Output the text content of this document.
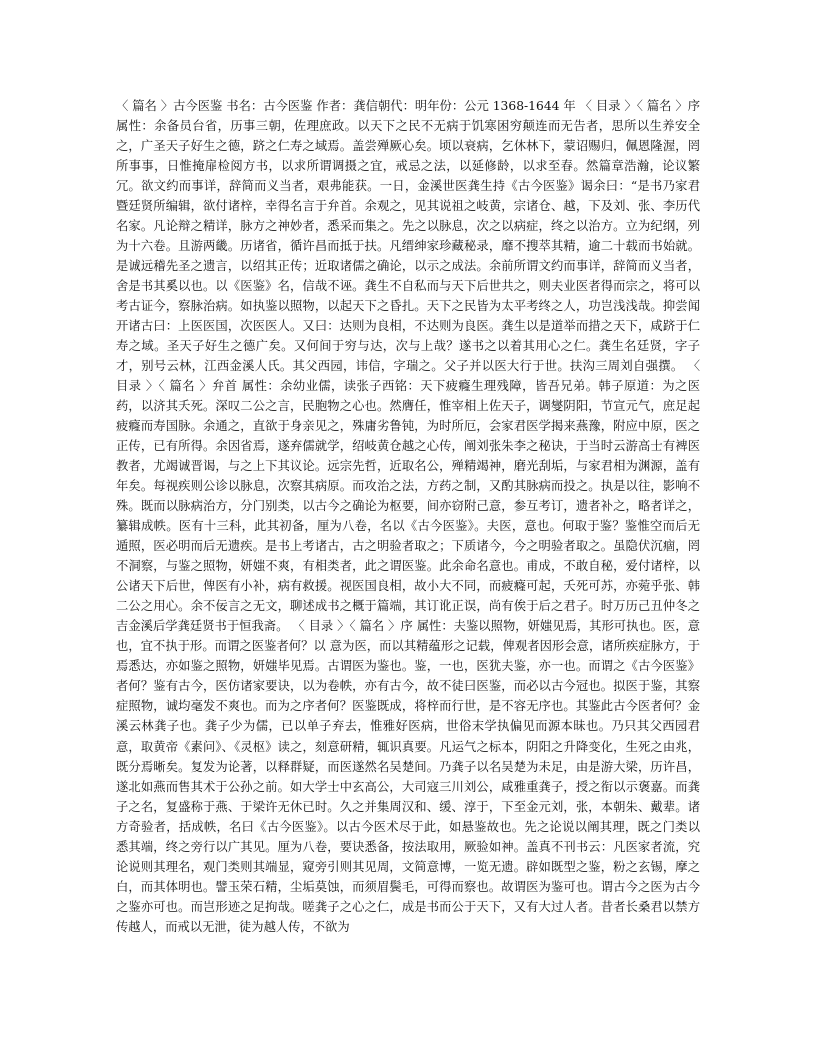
〈 篇名 〉古今医鉴 书名：古今医鉴 作者：龚信朝代：明年份：公元 1368-1644 年 〈 目录 〉〈 篇名 〉序 属性：余备员台省，历事三朝，佐理庶政。以天下之民不无病于饥寒困穷颠连而无告者，思所以生养安全之，广圣天子好生之德，跻之仁寿之域焉。盖尝殚厥心矣。顷以衰病，乞休林下，蒙诏赐归，佩恩隆渥，罔所事事，日惟掩扉检阅方书，以求所谓调摄之宜，戒忌之法，以延修龄，以求至春。然篇章浩瀚，论议繁冗。欲文约而事详，辞简而义当者，艰弗能获。一日，金溪世医龚生持《古今医鉴》谒余曰：“是书乃家君暨廷贤所编辑，欲付诸梓，幸得名言于弁首。余观之，见其说祖之岐黄，宗诸仓、越，下及刘、张、李历代名家。凡论辩之精详，脉方之神妙者，悉采而集之。先之以脉息，次之以病症，终之以治方。立为纪纲，列为十六卷。且游两畿。历诸省，循许昌而抵于扶。凡缙绅家珍藏秘录，靡不搜萃其精，逾二十载而书始就。是诚远稽先圣之遗言，以绍其正传；近取诸儒之确论，以示之成法。余前所谓文约而事详，辞简而义当者，舍是书其奚以也。以《医鉴》名，信哉不诬。龚生不自私而与天下后世共之，则夫业医者得而宗之，将可以考古证今，察脉治病。如执鉴以照物，以起天下之昏扎。天下之民皆为太平考终之人，功岂浅浅哉。抑尝闻开诸古曰：上医医国，次医医人。又曰：达则为良相，不达则为良医。龚生以是道举而措之天下，咸跻于仁寿之域。圣天子好生之德广矣。又何间于穷与达，次与上哉？遂书之以着其用心之仁。龚生名廷贤，字子才，别号云林，江西金溪人氏。其父西园，讳信，字瑞之。父子并以医大行于世。扶沟三周刘自强撰。 〈 目录 〉〈 篇名 〉弁首 属性：余幼业儒，读张子西铭：天下疲癃生理残障，皆吾兄弟。韩子原道：为之医药，以济其夭死。深叹二公之言，民胞物之心也。然膺任，惟宰相上佐天子，调燮阴阳，节宣元气，庶足起疲癃而寿国脉。余通之，直欲于身亲见之，殊庸劣鲁钝，为时所厄，会家君医学揭来燕豫，附应中原，医之正传，已有所得。余因省焉，遂弃儒就学，绍岐黄仓越之心传，阐刘张朱李之秘诀，于当时云游高士有裨医教者，尤竭诚晋谒，与之上下其议论。远宗先哲，近取名公，殚精竭神，磨光刮垢，与家君相为渊源，盖有年矣。每视疾则公诊以脉息，次察其病原。而攻治之法，方药之制，又酌其脉病而投之。执是以往，影响不殊。既而以脉病治方，分门别类，以古今之确论为枢要，间亦窃附己意，参互考订，遗者补之，略者详之，纂辑成帙。医有十三科，此其初备，厘为八卷，名以《古今医鉴》。夫医，意也。何取于鉴？鉴惟空而后无遁照，医必明而后无遗疾。是书上考诸古，古之明验者取之；下质诸今，今之明验者取之。虽隐伏沉痼，罔不洞察，与鉴之照物，妍媸不爽，有相类者，此之谓医鉴。此余命名意也。甫成，不敢自秘，爱付诸梓，以公诸天下后世，俾医有小补，病有救援。视医国良相，故小大不同，而疲癃可起，夭死可苏，亦菀乎张、韩二公之用心。余不佞言之无文，聊述成书之概于篇端，其订讹正误，尚有俟于后之君子。时万历己丑仲冬之吉金溪后学龚廷贤书于恒我斋。 〈 目录 〉〈 篇名 〉序 属性：夫鉴以照物，妍媸见焉，其形可执也。医，意也，宜不执于形。而谓之医鉴者何？以 意为医，而以其精蕴形之记载，俾观者因形会意，诸所疾症脉方，于焉悉达，亦如鉴之照物，妍媸毕见焉。古谓医为鉴也。鉴，一也，医犹夫鉴，亦一也。而谓之《古今医鉴》者何？鉴有古今，医仿诸家要诀，以为卷帙，亦有古今，故不徒曰医鉴，而必以古今冠也。拟医于鉴，其察症照物，诚均毫发不爽也。而为之序者何？医鉴既成，将梓而行世，是不容无序也。其鉴此古今医者何？金溪云林龚子也。龚子少为儒，已以单子弃去，惟雅好医病，世俗末学执偏见而源本昧也。乃只其父西园君意，取黄帝《素问》、《灵枢》读之，刻意研精，辄识真要。凡运气之标本，阴阳之升降变化，生死之由兆，既分焉晰矣。复发为论著，以释群疑，而医遂然名吴楚间。乃龚子以名吴楚为未足，由是游大梁，历许昌，遂北如燕而售其术于公孙之前。如大学士中玄高公，大司寇三川刘公，咸雅重龚子，授之衔以示褒嘉。而龚子之名，复盛称于燕、于梁许无休已时。久之并集周汉和、缓、淳于，下至金元刘，张，本朝朱、戴辈。诸方奇验者，括成帙，名曰《古今医鉴》。以古今医术尽于此，如悬鉴故也。先之论说以阐其理，既之门类以悉其端，终之旁行以广其见。厘为八卷，要诀悉备，按法取用，厥验如神。盖真不刊书云：凡医家者流，究论说则其理名，观门类则其端显，窥旁引则其见周，文简意博，一览无遗。辟如既型之鉴，粉之玄锡，摩之白，而其体明也。譬玉荣石精，尘垢莫蚀，而须眉鬓毛，可得而察也。故谓医为鉴可也。谓古今之医为古今之鉴亦可也。而岂形迹之足拘哉。嗟龚子之心之仁，成是书而公于天下，又有大过人者。昔者长桑君以禁方传越人，而戒以无泄，徒为越人传，不欲为
